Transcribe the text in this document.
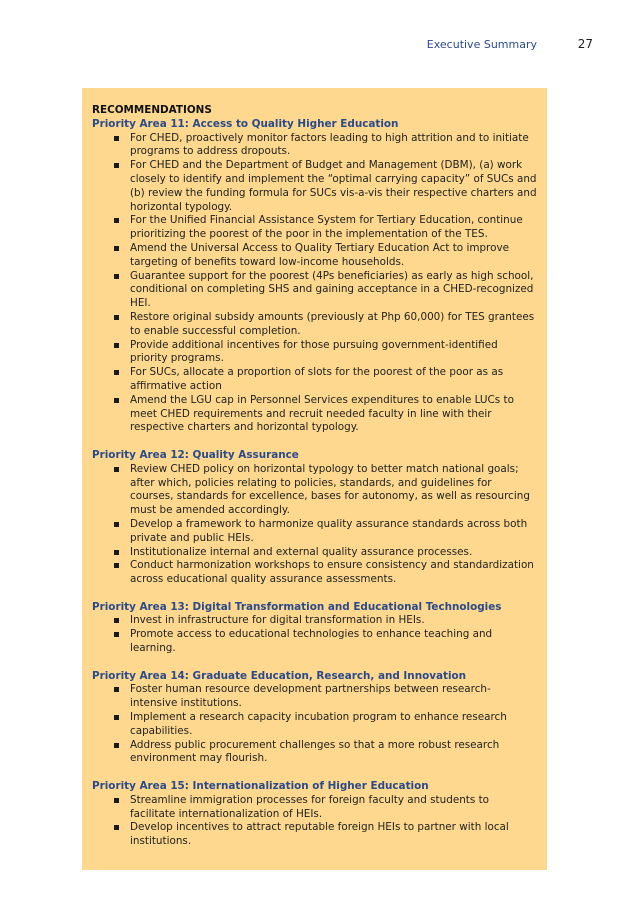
Executive Summary	27
RECOMMENDATIONS
Priority Area 11: Access to Quality Higher Education
For CHED, proactively monitor factors leading to high attrition and to initiate programs to address dropouts.
For CHED and the Department of Budget and Management (DBM), (a) work closely to identify and implement the “optimal carrying capacity” of SUCs and (b) review the funding formula for SUCs vis-a-vis their respective charters and horizontal typology.
For the Unified Financial Assistance System for Tertiary Education, continue prioritizing the poorest of the poor in the implementation of the TES.
Amend the Universal Access to Quality Tertiary Education Act to improve targeting of benefits toward low-income households.
Guarantee support for the poorest (4Ps beneficiaries) as early as high school, conditional on completing SHS and gaining acceptance in a CHED-recognized HEI.
Restore original subsidy amounts (previously at Php 60,000) for TES grantees to enable successful completion.
Provide additional incentives for those pursuing government-identified priority programs.
For SUCs, allocate a proportion of slots for the poorest of the poor as as affirmative action
Amend the LGU cap in Personnel Services expenditures to enable LUCs to meet CHED requirements and recruit needed faculty in line with their respective charters and horizontal typology.
Priority Area 12: Quality Assurance
Review CHED policy on horizontal typology to better match national goals; after which, policies relating to policies, standards, and guidelines for courses, standards for excellence, bases for autonomy, as well as resourcing must be amended accordingly.
Develop a framework to harmonize quality assurance standards across both private and public HEIs.
Institutionalize internal and external quality assurance processes.
Conduct harmonization workshops to ensure consistency and standardization across educational quality assurance assessments.
Priority Area 13: Digital Transformation and Educational Technologies
Invest in infrastructure for digital transformation in HEIs.
Promote access to educational technologies to enhance teaching and learning.
Priority Area 14: Graduate Education, Research, and Innovation
Foster human resource development partnerships between research-intensive institutions.
Implement a research capacity incubation program to enhance research capabilities.
Address public procurement challenges so that a more robust research environment may flourish.
Priority Area 15: Internationalization of Higher Education
Streamline immigration processes for foreign faculty and students to facilitate internationalization of HEIs.
Develop incentives to attract reputable foreign HEIs to partner with local institutions.
